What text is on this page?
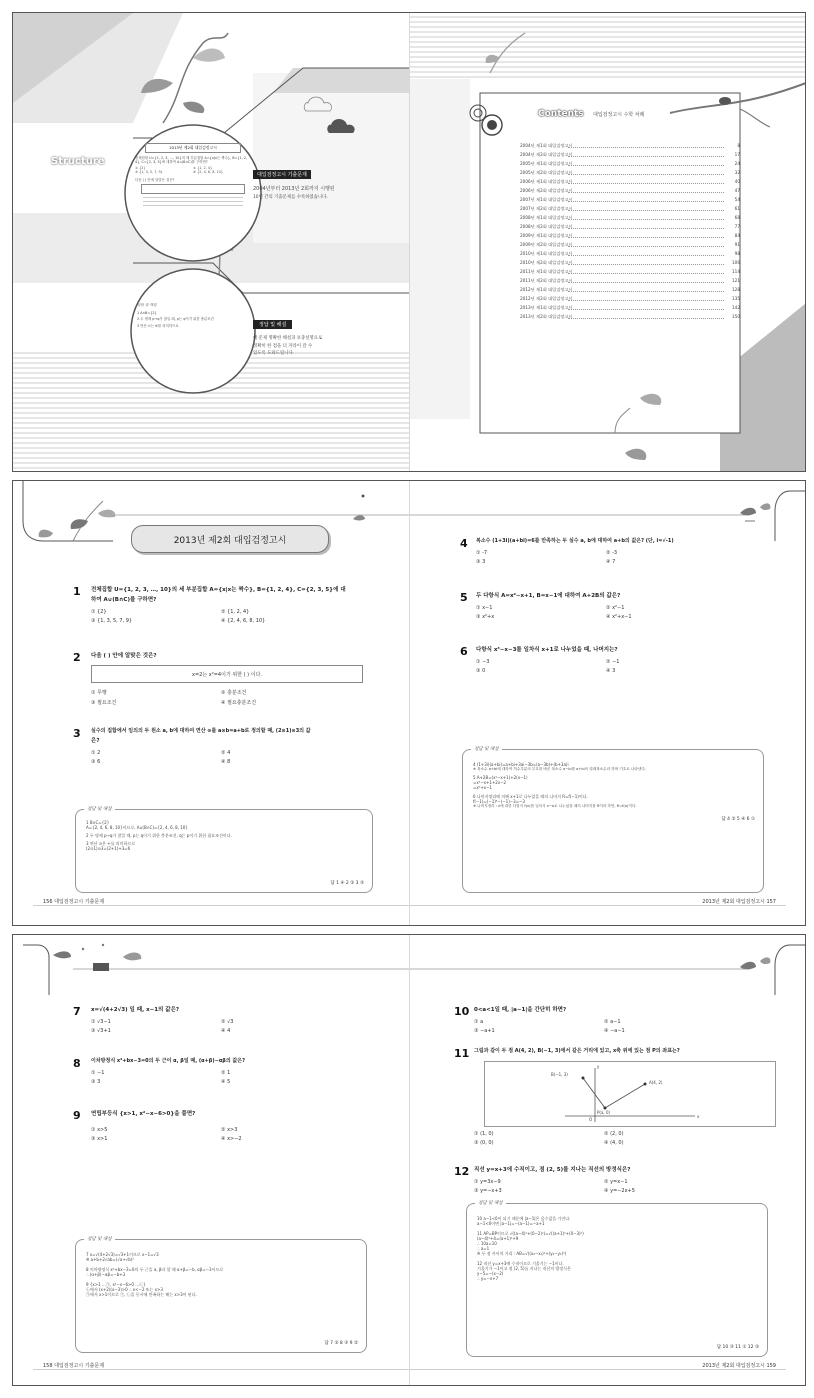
Structure
2013년 제2회 대입검정고시
전체집합 U={1, 2, 3, …, 10}의 세 부분집합 A={x|x는 짝수}, B={1, 2, 4}, C={2, 3, 5}에 대하여 A∪(B∩C)를 구하면?
① {2}	② {1, 2, 4}
③ {1, 3, 5, 7, 9}	④ {2, 4, 6, 8, 10}
다음 ( ) 안에 알맞은 것은?
대입검정고시 기출문제
2004년부터 2013년 2회까지 시행된
10년 간의 기출문제를 수록하였습니다.
정답 및 해설
1 A∩B={2}
2 두 명제 p→q가 참일 때, p는 q이기 위한 충분조건
3 연산 ⊙는 ⊕를 의미하므로	정답 및 해설
매 문제 명확한 해설과 보충설명으로
정확히 한 점을 더 자라이 갈 수
있도록 도와드립니다.
Contents 대입검정고시 수학 차례
2004년 제1회 대입검정고시	8
2004년 제2회 대입검정고시	17
2005년 제1회 대입검정고시	24
2005년 제2회 대입검정고시	32
2006년 제1회 대입검정고시	40
2006년 제2회 대입검정고시	47
2007년 제1회 대입검정고시	54
2007년 제2회 대입검정고시	61
2008년 제1회 대입검정고시	68
2008년 제2회 대입검정고시	77
2009년 제1회 대입검정고시	84
2009년 제2회 대입검정고시	91
2010년 제1회 대입검정고시	98
2010년 제2회 대입검정고시	106
2011년 제1회 대입검정고시	114
2011년 제2회 대입검정고시	121
2012년 제1회 대입검정고시	128
2012년 제2회 대입검정고시	135
2013년 제1회 대입검정고시	142
2013년 제2회 대입검정고시	150
2013년 제2회 대입검정고시
1 전체집합 U={1, 2, 3, …, 10}의 세 부분집합 A={x|x는 짝수}, B={1, 2, 4}, C={2, 3, 5}에 대
하여 A∪(B∩C)를 구하면?
① {2}	② {1, 2, 4}
③ {1, 3, 5, 7, 9}	④ {2, 4, 6, 8, 10}
2 다음 ( ) 안에 알맞은 것은?
x=2는 x²=4이기 위한 ( ) 이다.
① 무행	② 충분조건
③ 필요조건	④ 필요충분조건
3 실수의 집합에서 임의의 두 원소 a, b에 대하여 연산 ⊙를 a⊙b=a+b로 정의할 때, (2⊙1)⊙3의 값
은?
① 2	② 4
③ 6	④ 8
정답 및 해설
1 B∩C={2}
A={2, 4, 6, 8, 10}이므로, A∪(B∩C)={2, 4, 6, 8, 10}
2 두 명제 p→q가 참일 때, p는 q이기 위한 충분조건, q는 p이기 위한 필요조건이다.
3 연산 ⊙은 +를 의미하므로
(2⊙1)⊙3=(2+1)+3=6
답 1 ④ 2 ② 3 ③
156 대입검정고시 기출문제
4 복소수 (1+3i)(a+bi)=6를 만족하는 두 실수 a, b에 대하여 a+b의 값은? (단, i=√-1)
① -7	② -3
③ 3	④ 7
5 두 다항식 A=x²−x+1, B=x−1에 대하여 A+2B의 값은?
① x−1	② x²−1
③ x²+x	④ x²+x−1
6 다항식 x³−x−3를 일차식 x+1로 나누었을 때, 나머지는?
① −3	② −1
③ 0	④ 3
정답 및 해설
4 (1+3i)(a+bi)=a+bi+3ai−3b=(a−3b)+(b+3a)i
※ 복소수 a+bi에 대하여 허수부분의 부호를 바꾼 복소수 a−bi를 a+bi의 켤레복소수라 하며 기호로 나타낸다.
5 A+2B=(x²−x+1)+2(x−1)
=x²−x+1+2x−2
=x²+x−1
6 나머지정리에 의해 x+1로 나누었을 때의 나머지 R=f(−1)이다.
f(−1)=(−1)³−(−1)−3=−3
※ 나머지정리 : x에 대한 다항식 f(x)를 일차식 x−a로 나누었을 때의 나머지를 R이라 하면, R=f(a)이다.
답 4 ② 5 ④ 6 ①
2013년 제2회 대입검정고시 157
7 x=√(4+2√3) 일 때, x−1의 값은?
① √3−1	② √3
③ √3+1	④ 4
8 이차방정식 x²+bx−3=0의 두 근이 α, β일 때, (α+β)−αβ의 값은?
① −1	② 1
③ 3	④ 5
9 연립부등식 {x>1, x²−x−6>0}을 풀면?
① x>5	② x>3
③ x>1	④ x>−2
정답 및 해설
7 x=√(4+2√3)=√3+1이므로 x−1=√3
※ a+b+2√ab=(√a+√b)²
8 이차방정식 x²+bx−3=0의 두 근을 α, β라 할 때 α+β=−b, αβ=−3이므로
∴ (α+β)−αβ=−b+3
9 {x>1 …㉠, x²−x−6>0 …㉡}
㉡에서 (x+2)(x−3)>0 ∴ x<−2 또는 x>3
㉠에서 x>1이므로 ㉠, ㉡을 동시에 만족하는 해는 x>3이 된다.
답 7 ② 8 ③ 9 ②
158 대입검정고시 기출문제
10 0<a<1일 때, |a−1|을 간단히 하면?
① a	② a−1
③ −a+1	④ −a−1
11 그림과 같이 두 점 A(4, 2), B(−1, 3)에서 같은 거리에 있고, x축 위에 있는 점 P의 좌표는?
B(−1, 3)
A(4, 2)
P(a, 0)
O
x
y
① (1, 0)	② (2, 0)
③ (0, 0)	④ (4, 0)
12 직선 y=x+3에 수직이고, 점 (2, 5)를 지나는 직선의 방정식은?
① y=3x−9	② y=x−1
③ y=−x+3	④ y=−2x+5
정답 및 해설
10 a−1<0이 되기 때문에 |a−1|은 음수값을 가진다.
a−1<0이면 |a−1|=−(a−1)=−a+1
11 AP=BP이므로 √((a−4)²+(0−2)²)=√((a+1)²+(0−3)²)
(a−4)²+4=(a+1)²+9
∴ 10a=10
∴ a=1
※ 두 점 사이의 거리 : AB=√((x₂−x₁)²+(y₂−y₁)²)
12 직선 y=x+3에 수직이므로 기울기는 −1이다.
기울기가 −1이고 점 (2, 5)를 지나는 직선의 방정식은
y−5=−(x−2)
∴ y=−x+7
답 10 ③ 11 ① 12 ③
2013년 제2회 대입검정고시 159
